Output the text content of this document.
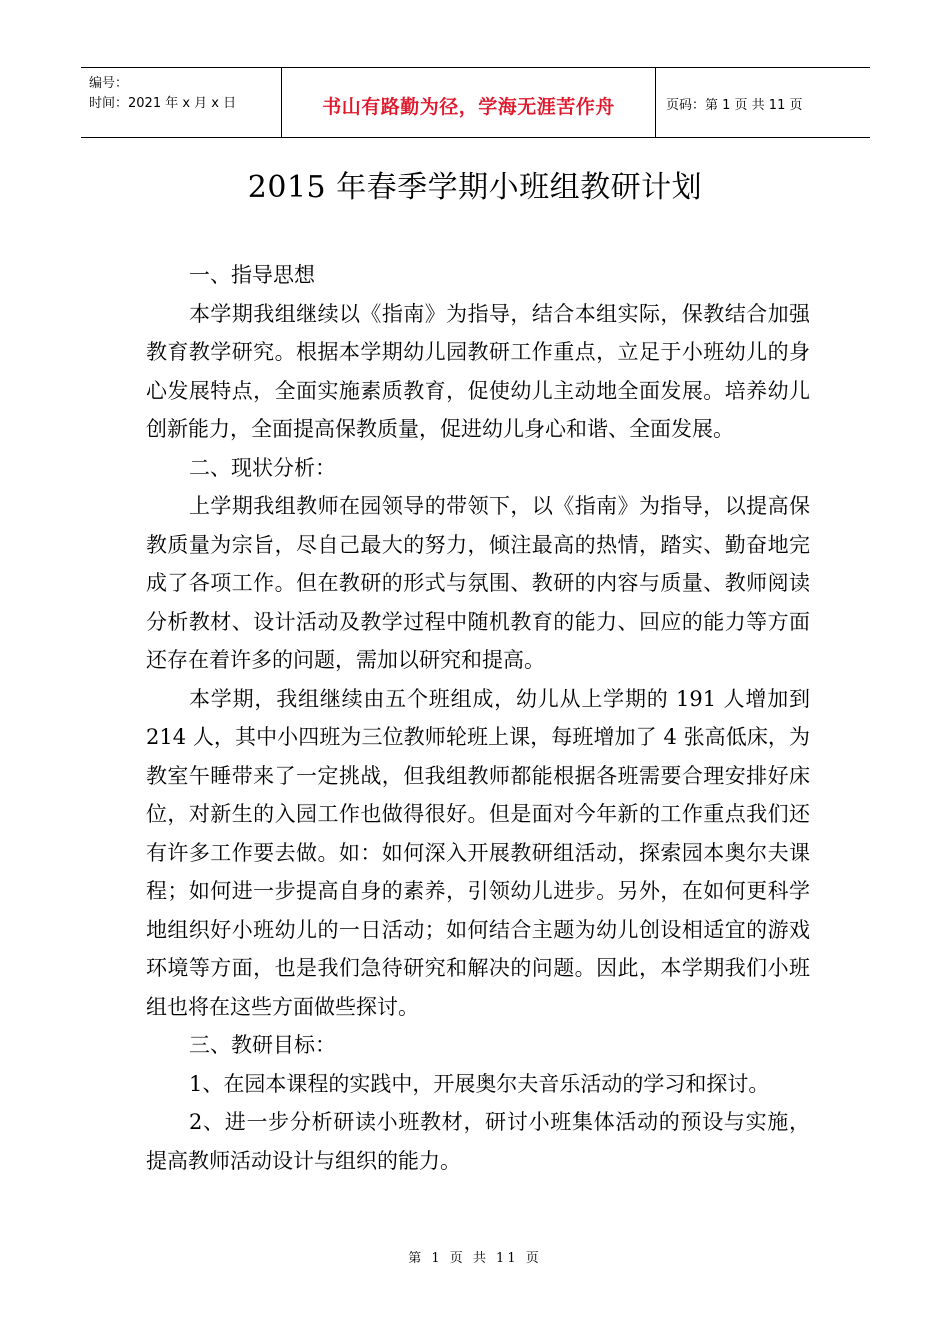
编号：
时间：2021 年 x 月 x 日	书山有路勤为径，学海无涯苦作舟	页码：第 1 页 共 11 页
2015 年春季学期小班组教研计划

一、指导思想

本学期我组继续以《指南》为指导，结合本组实际，保教结合加强教育教学研究。根据本学期幼儿园教研工作重点，立足于小班幼儿的身心发展特点，全面实施素质教育，促使幼儿主动地全面发展。培养幼儿创新能力，全面提高保教质量，促进幼儿身心和谐、全面发展。

二、现状分析：

上学期我组教师在园领导的带领下，以《指南》为指导，以提高保教质量为宗旨，尽自己最大的努力，倾注最高的热情，踏实、勤奋地完成了各项工作。但在教研的形式与氛围、教研的内容与质量、教师阅读分析教材、设计活动及教学过程中随机教育的能力、回应的能力等方面还存在着许多的问题，需加以研究和提高。

本学期，我组继续由五个班组成，幼儿从上学期的 191 人增加到 214 人，其中小四班为三位教师轮班上课，每班增加了 4 张高低床，为教室午睡带来了一定挑战，但我组教师都能根据各班需要合理安排好床位，对新生的入园工作也做得很好。但是面对今年新的工作重点我们还有许多工作要去做。如：如何深入开展教研组活动，探索园本奥尔夫课程；如何进一步提高自身的素养，引领幼儿进步。另外，在如何更科学地组织好小班幼儿的一日活动；如何结合主题为幼儿创设相适宜的游戏环境等方面，也是我们急待研究和解决的问题。因此，本学期我们小班组也将在这些方面做些探讨。

三、教研目标：

1、在园本课程的实践中，开展奥尔夫音乐活动的学习和探讨。

2、进一步分析研读小班教材，研讨小班集体活动的预设与实施，提高教师活动设计与组织的能力。

第 1 页 共 11 页
